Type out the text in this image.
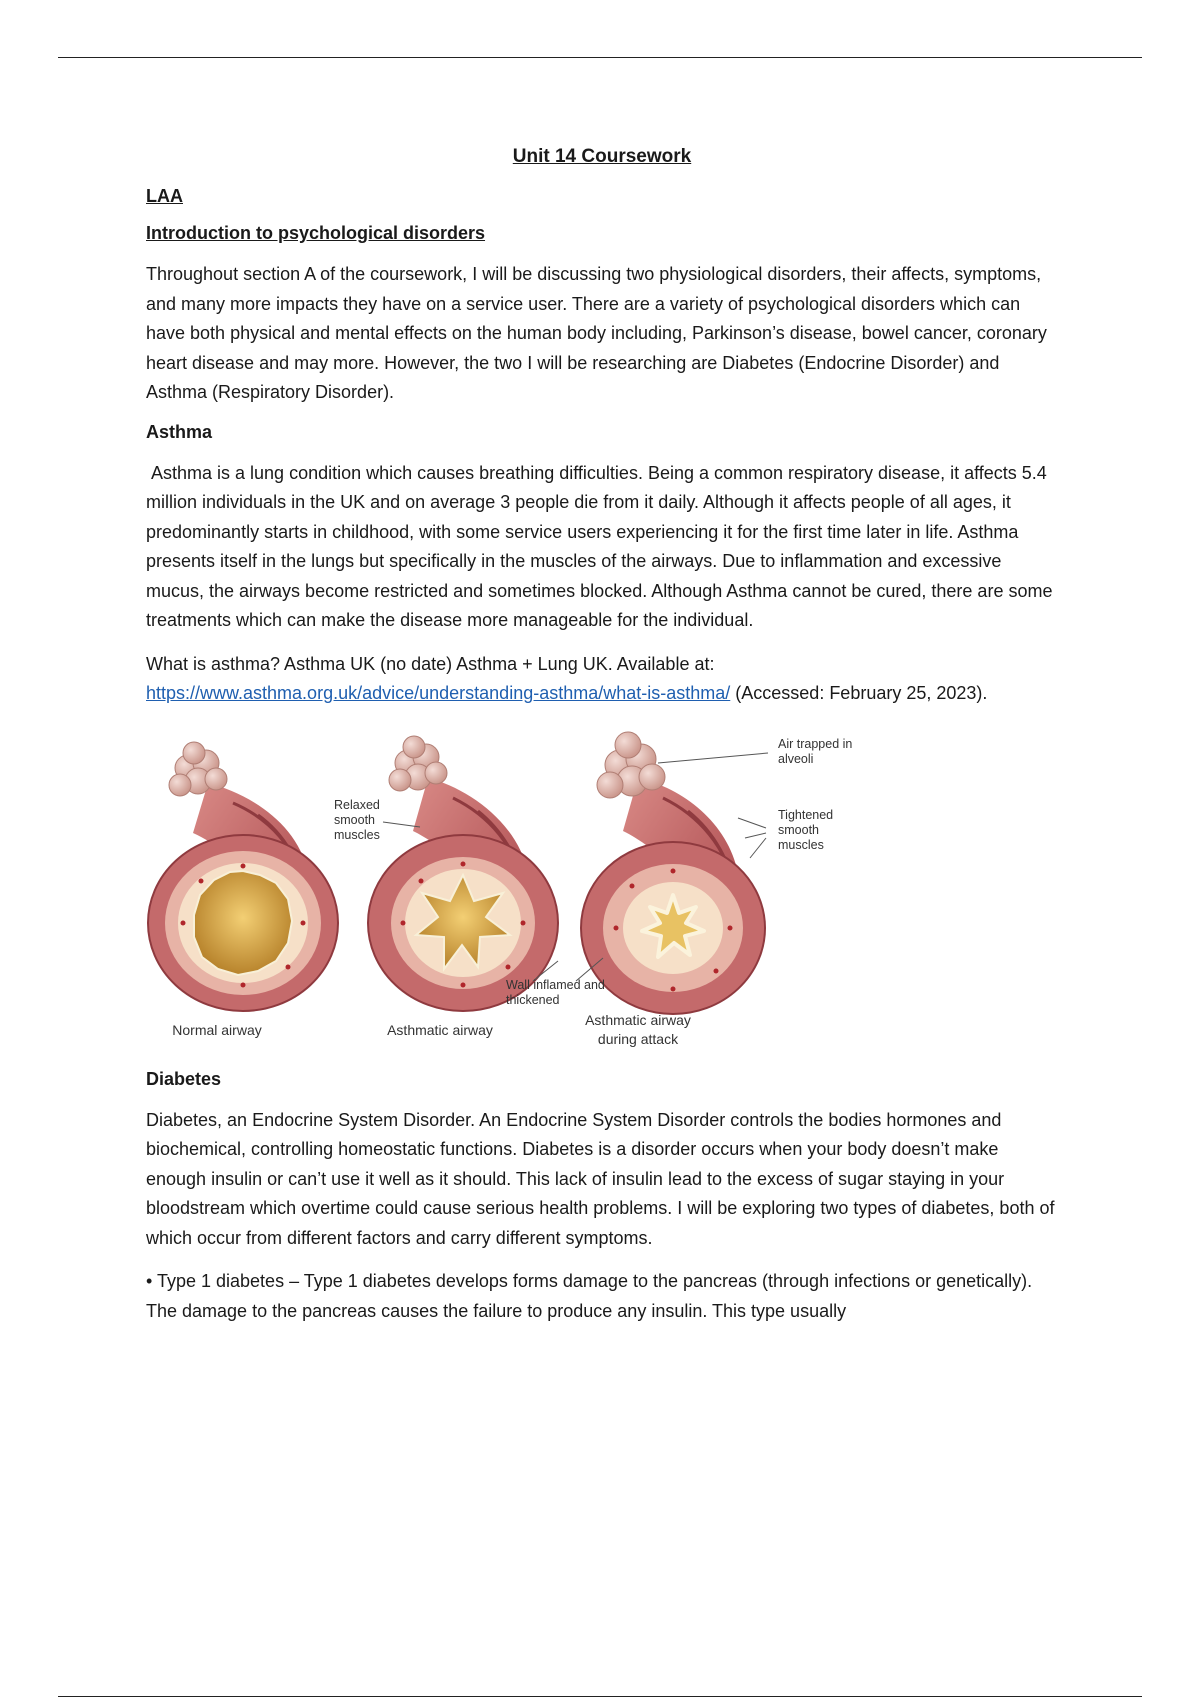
Unit 14 Coursework
LAA
Introduction to psychological disorders

Throughout section A of the coursework, I will be discussing two physiological disorders, their affects, symptoms, and many more impacts they have on a service user. There are a variety of psychological disorders which can have both physical and mental effects on the human body including, Parkinson’s disease, bowel cancer, coronary heart disease and may more. However, the two I will be researching are Diabetes (Endocrine Disorder) and Asthma (Respiratory Disorder).

Asthma

Asthma is a lung condition which causes breathing difficulties. Being a common respiratory disease, it affects 5.4 million individuals in the UK and on average 3 people die from it daily. Although it affects people of all ages, it predominantly starts in childhood, with some service users experiencing it for the first time later in life. Asthma presents itself in the lungs but specifically in the muscles of the airways. Due to inflammation and excessive mucus, the airways become restricted and sometimes blocked. Although Asthma cannot be cured, there are some treatments which can make the disease more manageable for the individual.

What is asthma? Asthma UK (no date) Asthma + Lung UK. Available at: https://www.asthma.org.uk/advice/understanding-asthma/what-is-asthma/ (Accessed: February 25, 2023).

Air trapped in alveoli
Relaxed smooth muscles
Tightened smooth muscles
Wall inflamed and thickened
Normal airway	Asthmatic airway
Asthmatic airway during attack
Diabetes

Diabetes, an Endocrine System Disorder. An Endocrine System Disorder controls the bodies hormones and biochemical, controlling homeostatic functions. Diabetes is a disorder occurs when your body doesn’t make enough insulin or can’t use it well as it should. This lack of insulin lead to the excess of sugar staying in your bloodstream which overtime could cause serious health problems. I will be exploring two types of diabetes, both of which occur from different factors and carry different symptoms.

• Type 1 diabetes – Type 1 diabetes develops forms damage to the pancreas (through infections or genetically). The damage to the pancreas causes the failure to produce any insulin. This type usually
